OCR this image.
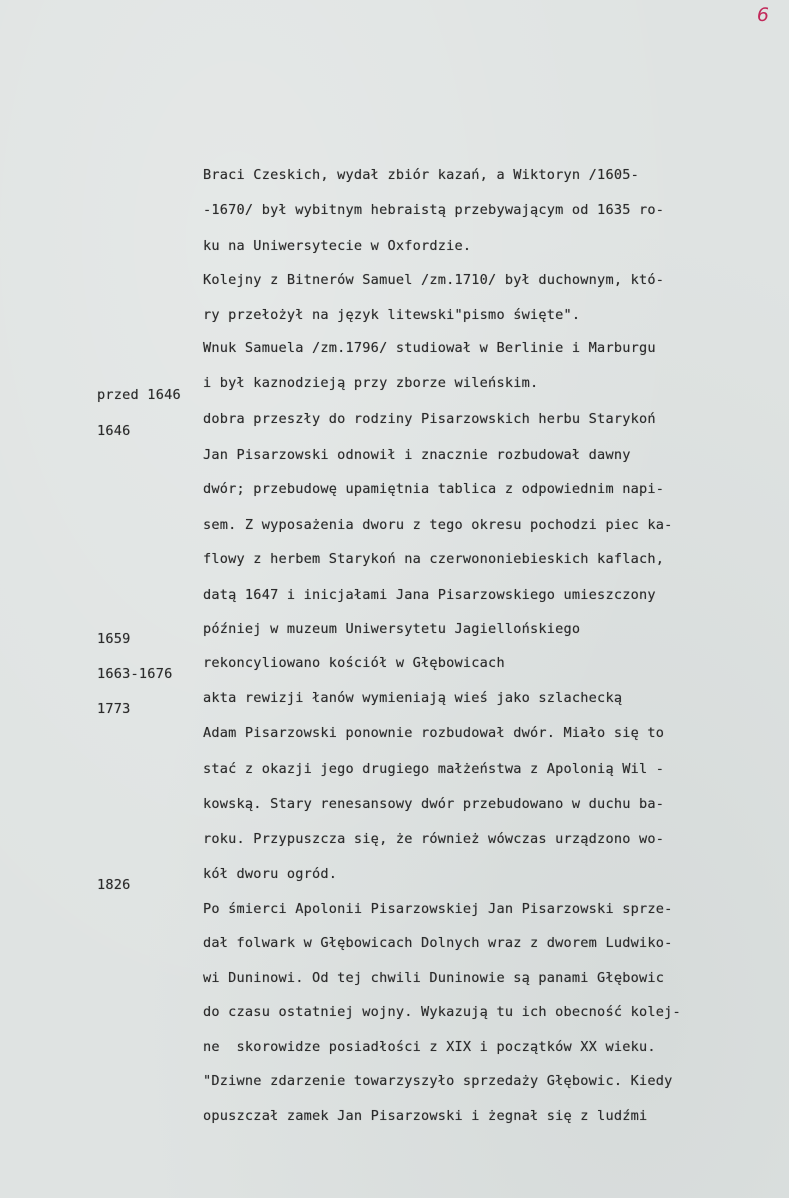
6

Braci Czeskich, wydał zbiór kazań, a Wiktoryn /1605-

-1670/ był wybitnym hebraistą przebywającym od 1635 ro-

ku na Uniwersytecie w Oxfordzie.

Kolejny z Bitnerów Samuel /zm.1710/ był duchownym, któ-

ry przełożył na język litewski"pismo święte".

Wnuk Samuela /zm.1796/ studiował w Berlinie i Marburgu

i był kaznodzieją przy zborze wileńskim.

przed 1646

dobra przeszły do rodziny Pisarzowskich herbu Starykoń

1646

Jan Pisarzowski odnowił i znacznie rozbudował dawny

dwór; przebudowę upamiętnia tablica z odpowiednim napi-

sem. Z wyposażenia dworu z tego okresu pochodzi piec ka-

flowy z herbem Starykoń na czerwononiebieskich kaflach,

datą 1647 i inicjałami Jana Pisarzowskiego umieszczony

później w muzeum Uniwersytetu Jagiellońskiego

1659

rekoncyliowano kościół w Głębowicach

1663-1676

akta rewizji łanów wymieniają wieś jako szlachecką

1773

Adam Pisarzowski ponownie rozbudował dwór. Miało się to

stać z okazji jego drugiego małżeństwa z Apolonią Wil -

kowską. Stary renesansowy dwór przebudowano w duchu ba-

roku. Przypuszcza się, że również wówczas urządzono wo-

kół dworu ogród.

1826

Po śmierci Apolonii Pisarzowskiej Jan Pisarzowski sprze-

dał folwark w Głębowicach Dolnych wraz z dworem Ludwiko-

wi Duninowi. Od tej chwili Duninowie są panami Głębowic

do czasu ostatniej wojny. Wykazują tu ich obecność kolej-

ne  skorowidze posiadłości z XIX i początków XX wieku.

"Dziwne zdarzenie towarzyszyło sprzedaży Głębowic. Kiedy

opuszczał zamek Jan Pisarzowski i żegnał się z ludźmi
